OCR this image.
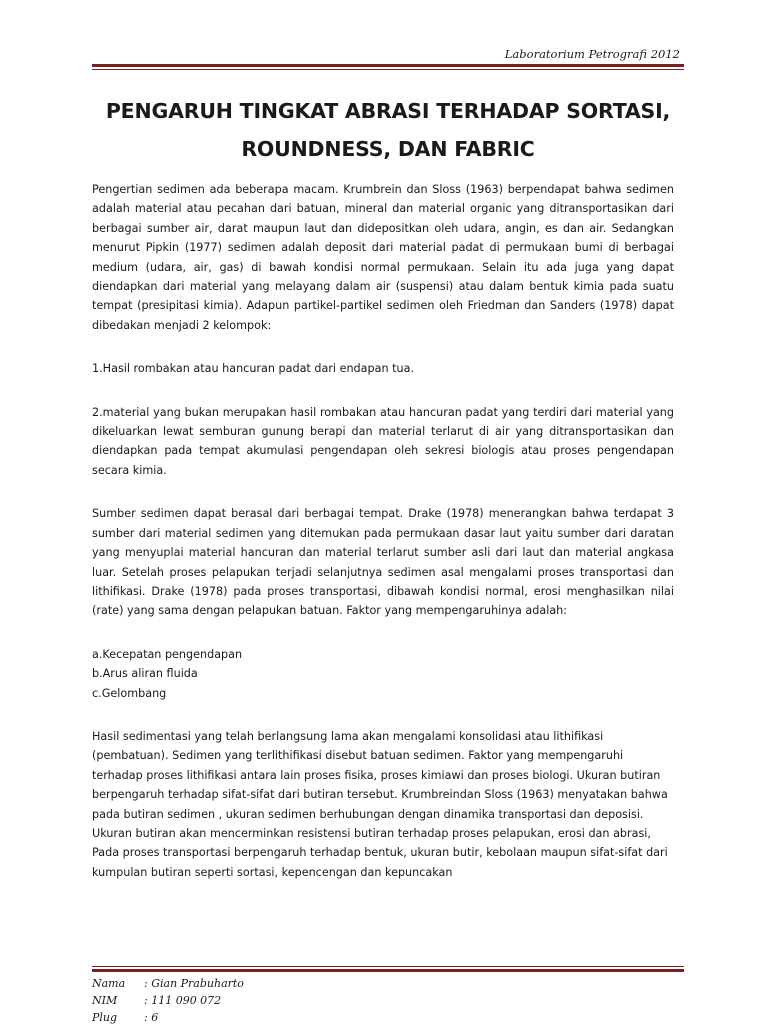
Laboratorium Petrografi 2012
PENGARUH TINGKAT ABRASI TERHADAP SORTASI,
ROUNDNESS, DAN FABRIC

Pengertian sedimen ada beberapa macam. Krumbrein dan Sloss (1963) berpendapat bahwa sedimen adalah material atau pecahan dari batuan, mineral dan material organic yang ditransportasikan dari berbagai sumber air, darat maupun laut dan didepositkan oleh udara, angin, es dan air. Sedangkan menurut Pipkin (1977) sedimen adalah deposit dari material padat di permukaan bumi di berbagai medium (udara, air, gas) di bawah kondisi normal permukaan. Selain itu ada juga yang dapat diendapkan dari material yang melayang dalam air (suspensi) atau dalam bentuk kimia pada suatu tempat (presipitasi kimia). Adapun partikel-partikel sedimen oleh Friedman dan Sanders (1978) dapat dibedakan menjadi 2 kelompok:

1.Hasil rombakan atau hancuran padat dari endapan tua.

2.material yang bukan merupakan hasil rombakan atau hancuran padat yang terdiri dari material yang dikeluarkan lewat semburan gunung berapi dan material terlarut di air yang ditransportasikan dan diendapkan pada tempat akumulasi pengendapan oleh sekresi biologis atau proses pengendapan secara kimia.

Sumber sedimen dapat berasal dari berbagai tempat. Drake (1978) menerangkan bahwa terdapat 3 sumber dari material sedimen yang ditemukan pada permukaan dasar laut yaitu sumber dari daratan yang menyuplai material hancuran dan material terlarut sumber asli dari laut dan material angkasa luar. Setelah proses pelapukan terjadi selanjutnya sedimen asal mengalami proses transportasi dan lithifikasi. Drake (1978) pada proses transportasi, dibawah kondisi normal, erosi menghasilkan nilai (rate) yang sama dengan pelapukan batuan. Faktor yang mempengaruhinya adalah:

a.Kecepatan pengendapan

b.Arus aliran fluida

c.Gelombang

Hasil sedimentasi yang telah berlangsung lama akan mengalami konsolidasi atau lithifikasi (pembatuan). Sedimen yang terlithifikasi disebut batuan sedimen. Faktor yang mempengaruhi terhadap proses lithifikasi antara lain proses fisika, proses kimiawi dan proses biologi. Ukuran butiran berpengaruh terhadap sifat-sifat dari butiran tersebut. Krumbreindan Sloss (1963) menyatakan bahwa pada butiran sedimen , ukuran sedimen berhubungan dengan dinamika transportasi dan deposisi. Ukuran butiran akan mencerminkan resistensi butiran terhadap proses pelapukan, erosi dan abrasi, Pada proses transportasi berpengaruh terhadap bentuk, ukuran butir, kebolaan maupun sifat-sifat dari kumpulan butiran seperti sortasi, kepencengan dan kepuncakan

Nama	: Gian Prabuharto
NIM	: 111 090 072
Plug	: 6
